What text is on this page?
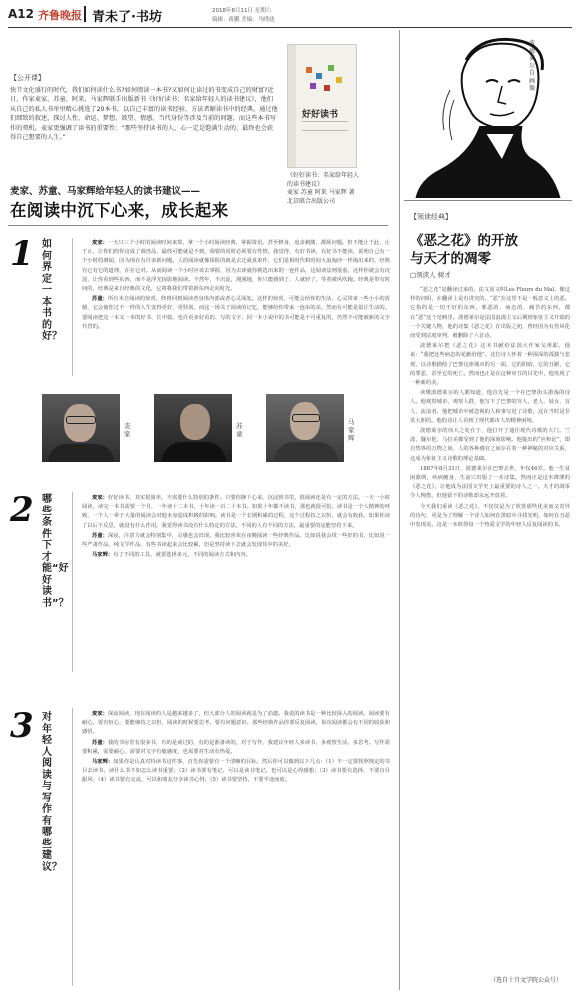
A12 齐鲁晚报 青未了·书坊	2018年8月11日 星期六
编辑：蒋鹏 美编：马晓迪
【公开课】
快节文化盛行的时代，我们如何读什么书?如何阅读一本书?又如何让读过的书变成自己的财富?近日，作家麦家、苏童、阿来、马家辉联手出版新书《好好读书：名家给年轻人的读书建议》，他们从自己的私人书单里精心挑选了20本书，以自己丰富的读书经验、方法者解读书中的经典。通过他们细致的叙述，探讨人性、命运、梦想、欲望、情感、当代身份等涉及当前的问题，而这些本书写作的契机。麦家更强调了读书的重要性：“那些坚持读书的人，心一定是饱满生动的，最终也会获得自己想要的人生。”
好好读书
《好好读书：名家给年轻人的读书建议》
麦家 苏童 阿来 马家辉 著
北京联合出版公司
麦家、苏童、马家辉给年轻人的读书建议——
在阅读中沉下心来，成长起来
1 如何界定一本书的好？

麦家：一天只三个小时的阅读时间来算，拿一个小时阅读经典，掌握资讯，甚至修身，追求刺激，都须问题。但不能止于此，止于止，让你们的你这成了调兽品，最终可能就是不到。调要的同时必须要有性情。我觉得，有好书读，有好书不能读，说明自己有一个小时的测闻，因为现在有许多新问题。人的阅读就像探险的就是去迁就真索作，它们是相时代和时间大浪淘沙一样淘出来的，经典有它有它的道理，在在它对。从而阅读一个小时应该去掌握，因为去读就你挑选出来的一连作品，这阅读法则很重。这样你就会有沉淀，让你看到些东西，而不是浮光掠影地阅读。不然年，不沉淀，漫漫地，你只能感到了，人就轻了，等着被风吹跑。经典是带有时间的，经典是来自经典的文化，它将将我们带着新东西走向时光。

苏童：所有未自阅读的惊喜，终将回到阅读者身体内部或者心灵深处。这样的惊喜，可能会给你的生活，心灵带来一些小小的震撼，它会使你过不一样的人生变得更好、更特别。而这一场关于阅读的记忆，能够给你带来一连串的美。然而有可能是很让生活的。要阅读把这一本又一本的好书、长中篇、也许更多好看的、写的文字、同一本小说中的书可能是不可重复的，仍然不可能被新的文字代替的。

麦家
苏童
马家辉
2 哪些条件下才能“好好读书”？

麦家：好好读书，其实很简单，不需要什么特别的条件。只要你静下心来，沉浸到书里。很阅读还是有一定的方法。一天一小时阅读，读完一本书需要一个月，一年读十二本书，十年读一百二十本书。如果十年都不读书，那也就很可怕。读书是一个人精神的呼吸，一个人一辈子大量的阅读会对他本身造成积极的影响。读书是一个长期积累的过程，这个过程持之以恒，就会有收获。如果你读了以后不反思，就没有什么作用。我觉得读书没有什么特定的方法，不同的人有不同的方法，最重要的是能坚持下来。

苏童：深夜，注意力就会特别集中，灵感也会出现。我比较喜欢在夜晚阅读一些经典作品。比如说我会找一些好的书，比如说一些严肃作品、纯文学作品，有些书读起来会比较累，但是坚持读下去就会发现其中的美好。

马家辉：有了不同的工具，就要选择多元、不同的阅读方式和内容。

3 对年轻人阅读与写作有哪些建议？

麦家：深夜阅读，现在阅读的人是越来越多了，但大部分人的阅读就是为了消遣。我说的读书是一种比较深入的阅读。阅读要有耐心，要有恒心，要能够持之以恒，阅读的时候要思考，要有问题意识。那些经典作品你要反复阅读，每次阅读都会有不同的收获和感悟。

苏童：我的书房里有很多书，有的是读过的，有的是准备读的。对于写作，我建议年轻人多读书，多观察生活，多思考。写作需要积累，需要耐心，需要对文字有敏感度，也需要对生活有热爱。

马家辉：如果你是认真对待读书这件事，首先你需要有一个清晰的目标，然后你可以做到以下几点：（1）不一定要按照规定的书目去读书，读什么书不如怎么读书重要；（2）读书要有笔记，可以是读书笔记，也可以是心得感想；（3）读书要有选择，不要盲目跟风；（4）读书要有交流，可以和朋友分享读书心得；（5）读书要坚持，不要半途而废。

波德莱尔自画像
【领读经典】
《恶之花》的开放
与天才的凋零
□领读人 树才

“恶之花”是翻译过来的，法文原文叫Les Fleurs du Mal。像这样的词组，在翻译上是有讲究的。“恶”在这里不是一般意义上的恶，它指的是一切不好的东西，邪恶的、病态的、痛苦的东西，都在“恶”这个范畴里。波德莱尔是法国浪漫主义后期到象征主义开端的一个关键人物，他的诗集《恶之花》在出版之初，曾经因为有伤风化而受到法庭审判，被删除了六首诗。

波德莱尔把《恶之花》这本书献给法国大作家戈蒂耶，他说：“我把这些病态的花献给他”。这位诗人怀着一种深深的孤独与悲观，以诗歌描绘了巴黎这座城市的另一面，它的阴暗，它的丑陋，它的罪恶，甚至它的死亡。然而也正是在这种审丑的目光中，他发现了一种新的美。

读懂波德莱尔的人都知道，他首先是一个在巴黎街头游荡的诗人。他观察城市，观察人群，他写下了巴黎的穷人、老人、妓女、盲人、流浪者，他把城市中被忽视的人和事写进了诗歌，这在当时是非常大胆的。他的诗让人看到了现代都市人的精神困境。

波德莱尔的伟大之处在于，他打开了通往现代诗歌的大门。兰波、魏尔伦、马拉美都受到了他的深刻影响。他提出的“应和论”，即自然界的万物之间、人的各种感官之间存在着一种神秘的对应关系，这成为象征主义诗歌的理论基础。

1867年8月31日，波德莱尔在巴黎去世，年仅46岁。他一生贫困潦倒，疾病缠身，生前只出版了一本诗集。然而正是这本薄薄的《恶之花》，让他成为法国文学史上最重要的诗人之一。天才的凋零令人惋惜，但他留下的诗歌却永远开放着。

今天我们重读《恶之花》，不仅仅是为了欣赏那些优美而又奇异的诗句，更是为了理解一个诗人如何在黑暗中寻找光明，如何在丑恶中发现美。这是一本值得每一个热爱文学的年轻人反复阅读的书。

（选自十月文学院公众号）
